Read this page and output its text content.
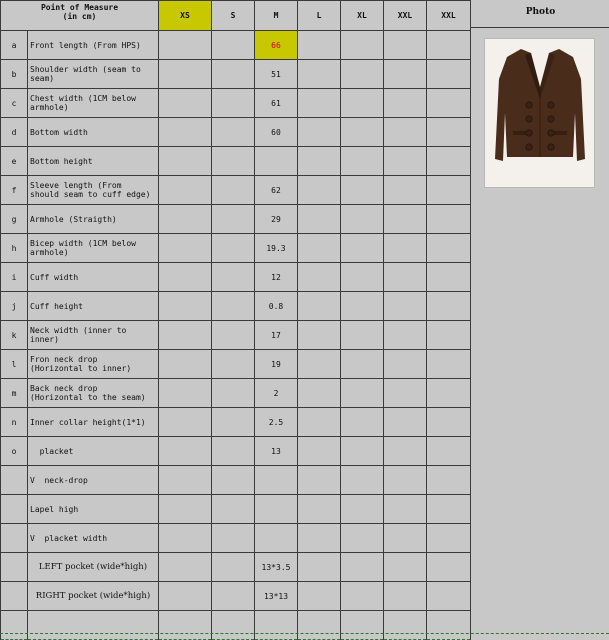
Point of Measure
(in cm)		XS	S	M	L	XL	XXL	XXL
a	Front length (From HPS)			66				
b	Shoulder width (seam to
seam)			51				
c	Chest width (1CM below
armhole)			61				
d	Bottom width			60				
e	Bottom height							

f	Sleeve length (From
should seam to cuff edge)			62				
g	Armhole (Straigth)			29				
h	Bicep width (1CM below
armhole)			19.3				
i	Cuff width			12				
j	Cuff height			0.8				
k	Neck width (inner to
inner)			17				
l	Fron neck drop
(Horizontal to inner)			19				
m	Back neck drop
(Horizontal to the seam)			2				
n	Inner collar height(1*1)			2.5				
o	placket			13				

	V  neck-drop							

	Lapel high							

	V  placket width							

	LEFT pocket (wide*high)			13*3.5				

	RIGHT pocket (wide*high)			13*13				

Photo
